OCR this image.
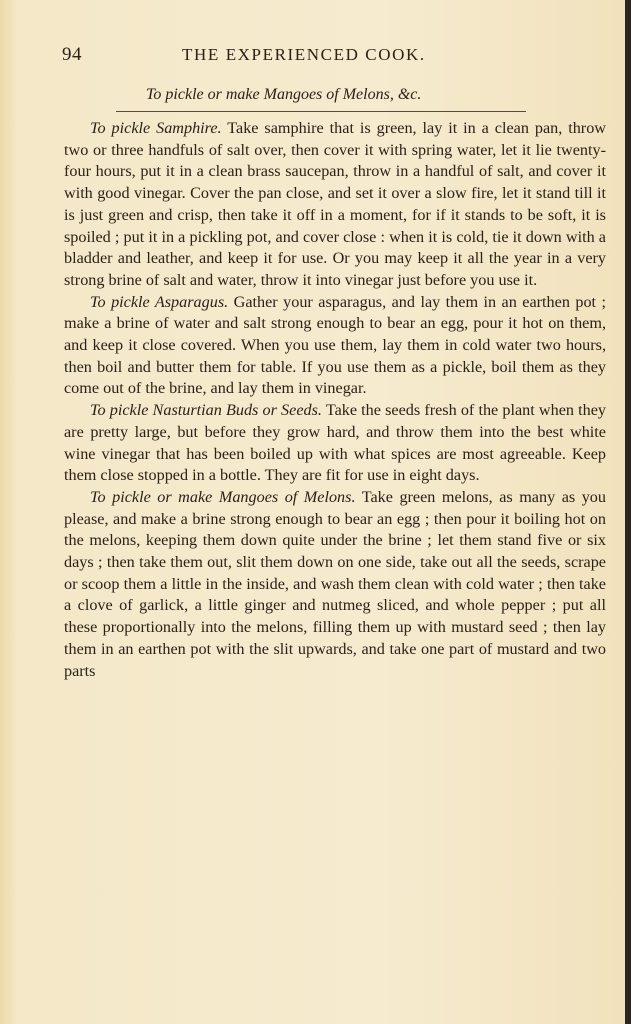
94	THE EXPERIENCED COOK.
To pickle or make Mangoes of Melons, &c.

To pickle Samphire. Take samphire that is green, lay it in a clean pan, throw two or three handfuls of salt over, then cover it with spring water, let it lie twenty-four hours, put it in a clean brass saucepan, throw in a handful of salt, and cover it with good vinegar. Cover the pan close, and set it over a slow fire, let it stand till it is just green and crisp, then take it off in a moment, for if it stands to be soft, it is spoiled ; put it in a pickling pot, and cover close : when it is cold, tie it down with a bladder and leather, and keep it for use. Or you may keep it all the year in a very strong brine of salt and water, throw it into vinegar just before you use it.

To pickle Asparagus. Gather your asparagus, and lay them in an earthen pot ; make a brine of water and salt strong enough to bear an egg, pour it hot on them, and keep it close covered. When you use them, lay them in cold water two hours, then boil and butter them for table. If you use them as a pickle, boil them as they come out of the brine, and lay them in vinegar.

To pickle Nasturtian Buds or Seeds. Take the seeds fresh of the plant when they are pretty large, but before they grow hard, and throw them into the best white wine vinegar that has been boiled up with what spices are most agreeable. Keep them close stopped in a bottle. They are fit for use in eight days.

To pickle or make Mangoes of Melons. Take green melons, as many as you please, and make a brine strong enough to bear an egg ; then pour it boiling hot on the melons, keeping them down quite under the brine ; let them stand five or six days ; then take them out, slit them down on one side, take out all the seeds, scrape or scoop them a little in the inside, and wash them clean with cold water ; then take a clove of garlick, a little ginger and nutmeg sliced, and whole pepper ; put all these proportionally into the melons, filling them up with mustard seed ; then lay them in an earthen pot with the slit upwards, and take one part of mustard and two parts
